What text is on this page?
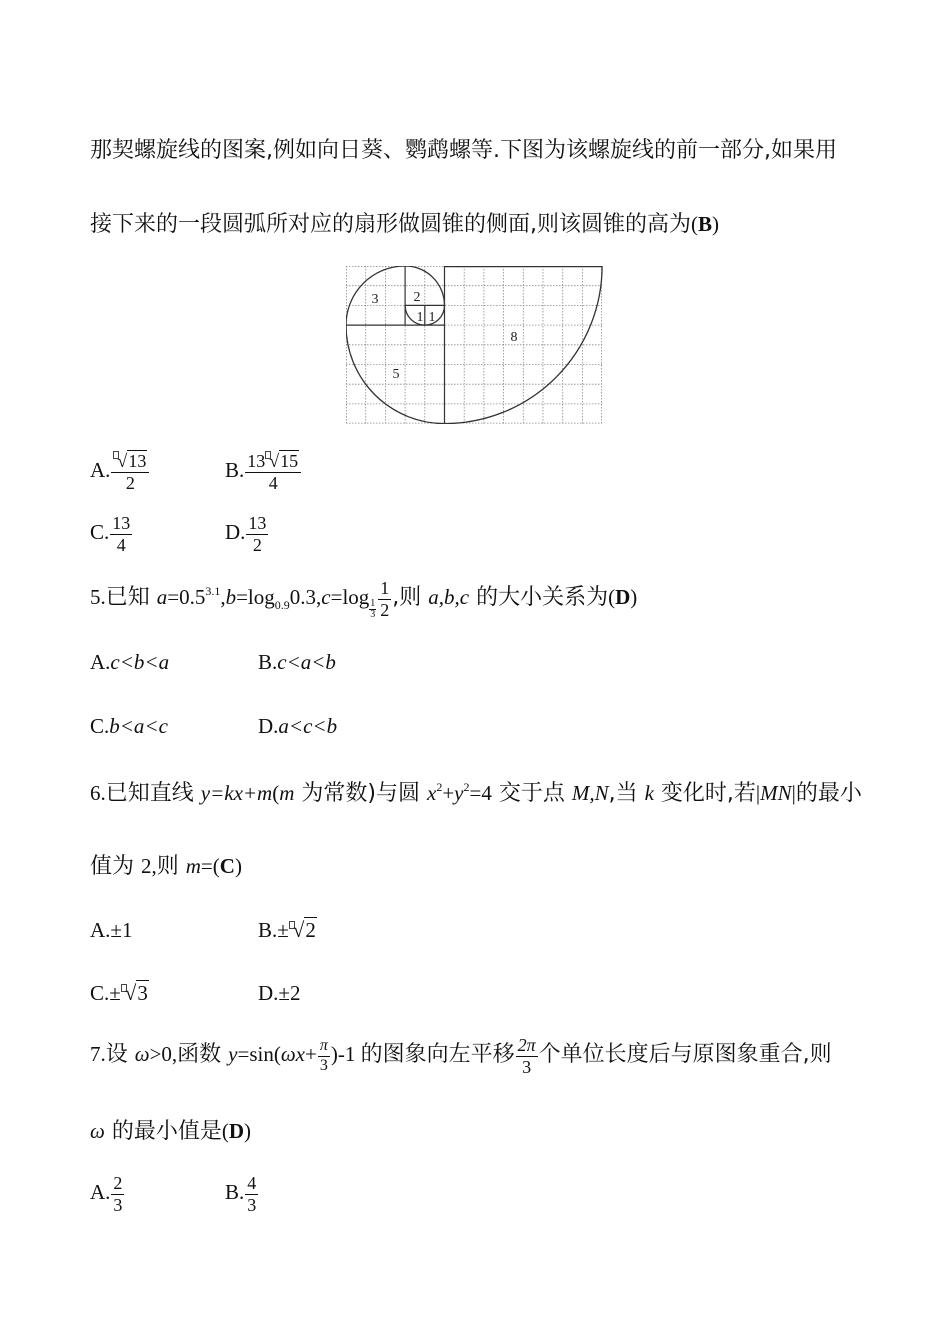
那契螺旋线的图案,例如向日葵、鹦鹉螺等.下图为该螺旋线的前一部分,如果用
接下来的一段圆弧所对应的扇形做圆锥的侧面,则该圆锥的高为(B)
3	2
1 1
8
5
A. $\frac{√13}{2}$	B. $\frac{13 √15}{4}$
C. $\frac{13}{4}$	D. $\frac{13}{2}$
5.已知 $a=0.5^{3.1},b=\log_{0.9}0.3,c=\log$
$\frac{1}{3} \frac{1}{2}$ ,则 a,b,c 的大小关系为(D)
A.c<b<a	B.c<a<b
C.b<a<c	D.a<c<b
6.已知直线 y=kx+m(m 为常数)与圆 $x^2+y^2=4$ 交于点 M,N,当 k 变化时,若|MN|的最小
值为 2,则 m=(C)
A.±1	B.± √2
C.± √3	D.±2
7.设 ω>0,函数 $y=\sin(\omega x+ \frac{\pi}{3} )-1$ 的图象向左平移 $\frac{2\pi}{3}$ 个单位长度后与原图象重合,则
ω 的最小值是(D)
A. $\frac{2}{3}$	B. $\frac{4}{3}$
